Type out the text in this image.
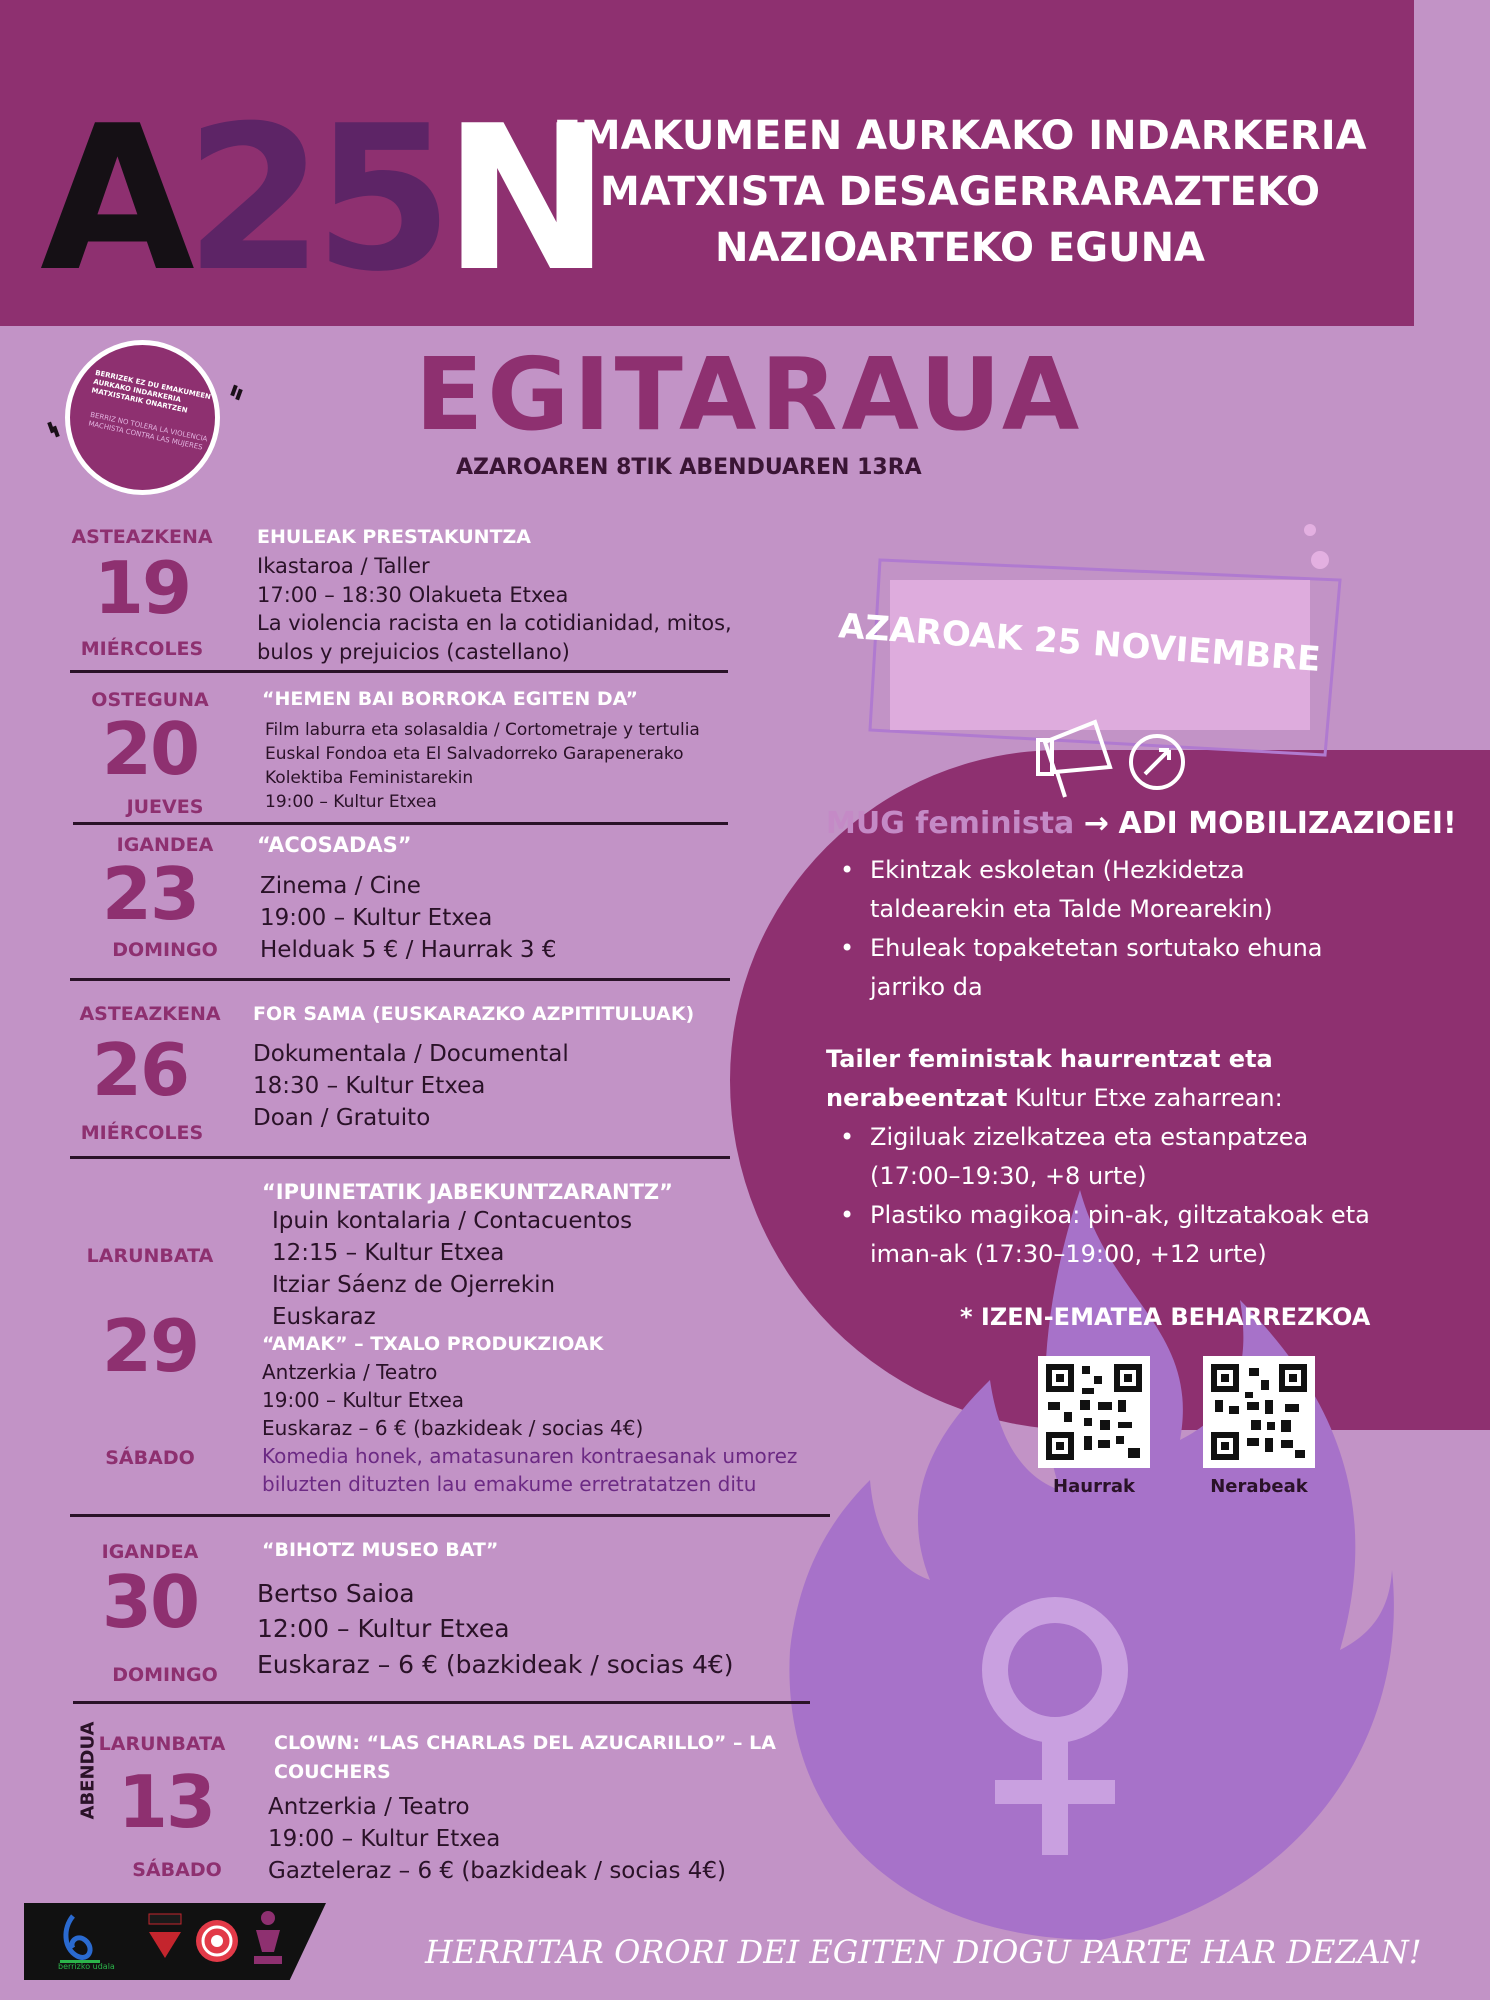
A25N
EMAKUMEEN AURKAKO INDARKERIA
MATXISTA DESAGERRARAZTEKO
NAZIOARTEKO EGUNA
BERRIZEK EZ DU EMAKUMEEN AURKAKO INDARKERIA MATXISTARIK ONARTZEN
BERRIZ NO TOLERA LA VIOLENCIA MACHISTA CONTRA LAS MUJERES EGITARAUA
AZAROAREN 8TIK ABENDUAREN 13RA
AZAROAK 25 NOVIEMBRE
MUG feminista → ADI MOBILIZAZIOEI!
• Ekintzak eskoletan (Hezkidetza taldearekin eta Talde Morearekin)
• Ehuleak topaketetan sortutako ehuna jarriko da
Tailer feministak haurrentzat eta nerabeentzat Kultur Etxe zaharrean:
• Zigiluak zizelkatzea eta estanpatzea (17:00–19:30, +8 urte)
• Plastiko magikoa: pin-ak, giltzatakoak eta iman-ak (17:30–19:00, +12 urte)
* IZEN-EMATEA BEHARREZKOA
Haurrak	Nerabeak
ASTEAZKENA
19
MIÉRCOLES
EHULEAK PRESTAKUNTZA
Ikastaroa / Taller
17:00 – 18:30 Olakueta Etxea
La violencia racista en la cotidianidad, mitos,
bulos y prejuicios (castellano)
OSTEGUNA
20
JUEVES
“HEMEN BAI BORROKA EGITEN DA”
Film laburra eta solasaldia / Cortometraje y tertulia
Euskal Fondoa eta El Salvadorreko Garapenerako
Kolektiba Feministarekin
19:00 – Kultur Etxea
IGANDEA
23
DOMINGO
“ACOSADAS”
Zinema / Cine
19:00 – Kultur Etxea
Helduak 5 € / Haurrak 3 €
ASTEAZKENA
26
MIÉRCOLES
FOR SAMA (EUSKARAZKO AZPITITULUAK)
Dokumentala / Documental
18:30 – Kultur Etxea
Doan / Gratuito
LARUNBATA
29
SÁBADO
“IPUINETATIK JABEKUNTZARANTZ”
Ipuin kontalaria / Contacuentos
12:15 – Kultur Etxea
Itziar Sáenz de Ojerrekin
Euskaraz
“AMAK” – TXALO PRODUKZIOAK
Antzerkia / Teatro
19:00 – Kultur Etxea
Euskaraz – 6 € (bazkideak / socias 4€)
Komedia honek, amatasunaren kontraesanak umorez
biluzten dituzten lau emakume erretratatzen ditu
IGANDEA
30
DOMINGO
“BIHOTZ MUSEO BAT”
Bertso Saioa
12:00 – Kultur Etxea
Euskaraz – 6 € (bazkideak / socias 4€)
ABENDUA LARUNBATA
13
SÁBADO
CLOWN: “LAS CHARLAS DEL AZUCARILLO” – LA
COUCHERS
Antzerkia / Teatro
19:00 – Kultur Etxea
Gazteleraz – 6 € (bazkideak / socias 4€)
berrizko udala	HERRITAR ORORI DEI EGITEN DIOGU PARTE HAR DEZAN!
